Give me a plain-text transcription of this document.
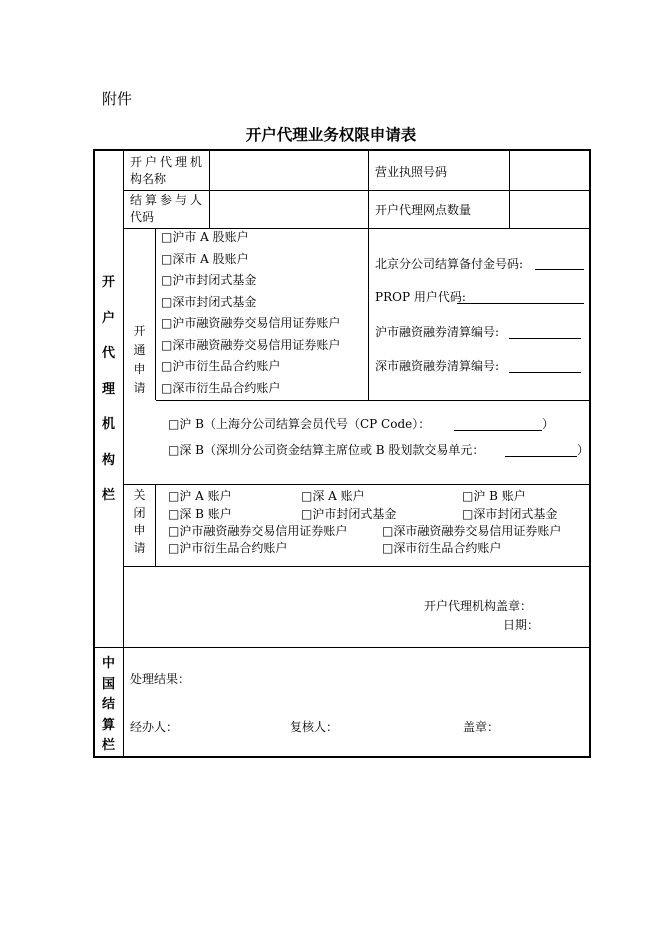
附件
开户代理业务权限申请表
开
户
代
理
机
构
栏
中
国
结
算
栏
开户代理机
构名称	营业执照号码
结算参与人
代码	开户代理网点数量
开
通
申
请
□沪市 A 股账户
□深市 A 股账户
□沪市封闭式基金
□深市封闭式基金
□沪市融资融券交易信用证券账户
□深市融资融券交易信用证券账户
□沪市衍生品合约账户
□深市衍生品合约账户
北京分公司结算备付金号码:
PROP 用户代码:
沪市融资融券清算编号:
深市融资融券清算编号:
□沪 B（上海分公司结算会员代号（CP Code）：	）
□深 B（深圳分公司资金结算主席位或 B 股划款交易单元：	）
关
闭
申
请
□沪 A 账户	□深 A 账户	□沪 B 账户
□深 B 账户	□沪市封闭式基金	□深市封闭式基金
□沪市融资融券交易信用证券账户	□深市融资融券交易信用证券账户
□沪市衍生品合约账户	□深市衍生品合约账户
开户代理机构盖章：
日期：
处理结果：
经办人：	复核人：	盖章：
